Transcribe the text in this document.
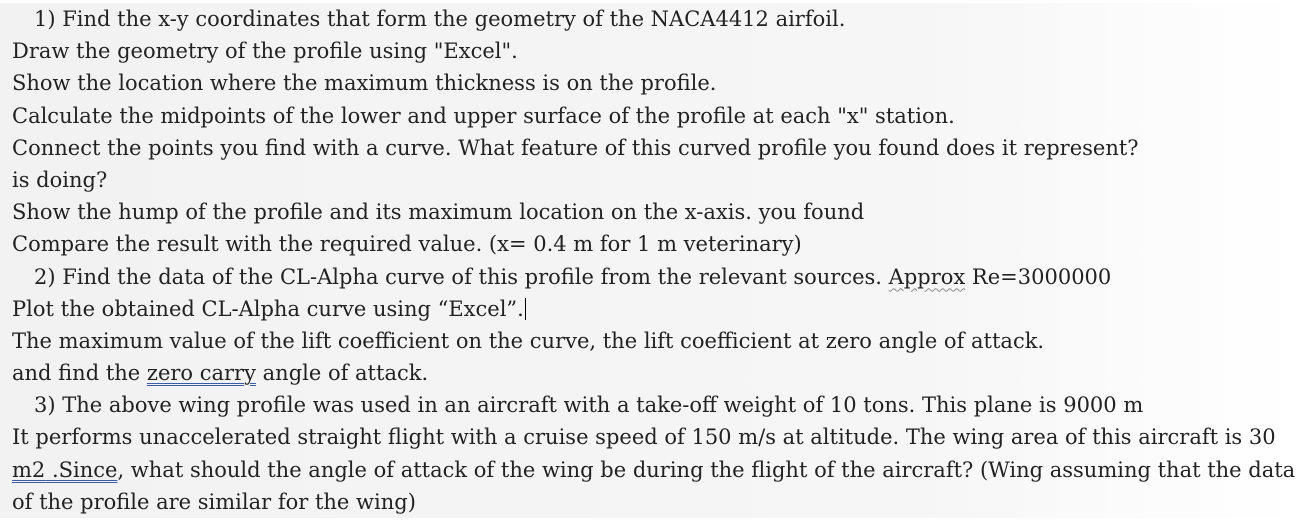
1) Find the x-y coordinates that form the geometry of the NACA4412 airfoil.
Draw the geometry of the profile using "Excel".
Show the location where the maximum thickness is on the profile.
Calculate the midpoints of the lower and upper surface of the profile at each "x" station.
Connect the points you find with a curve. What feature of this curved profile you found does it represent?
is doing?
Show the hump of the profile and its maximum location on the x-axis. you found
Compare the result with the required value. (x= 0.4 m for 1 m veterinary)
2) Find the data of the CL-Alpha curve of this profile from the relevant sources. Approx Re=3000000
Plot the obtained CL-Alpha curve using “Excel”.
The maximum value of the lift coefficient on the curve, the lift coefficient at zero angle of attack.
and find the zero carry angle of attack.
3) The above wing profile was used in an aircraft with a take-off weight of 10 tons. This plane is 9000 m
It performs unaccelerated straight flight with a cruise speed of 150 m/s at altitude. The wing area of this aircraft is 30
m2 .Since, what should the angle of attack of the wing be during the flight of the aircraft? (Wing assuming that the data
of the profile are similar for the wing)
